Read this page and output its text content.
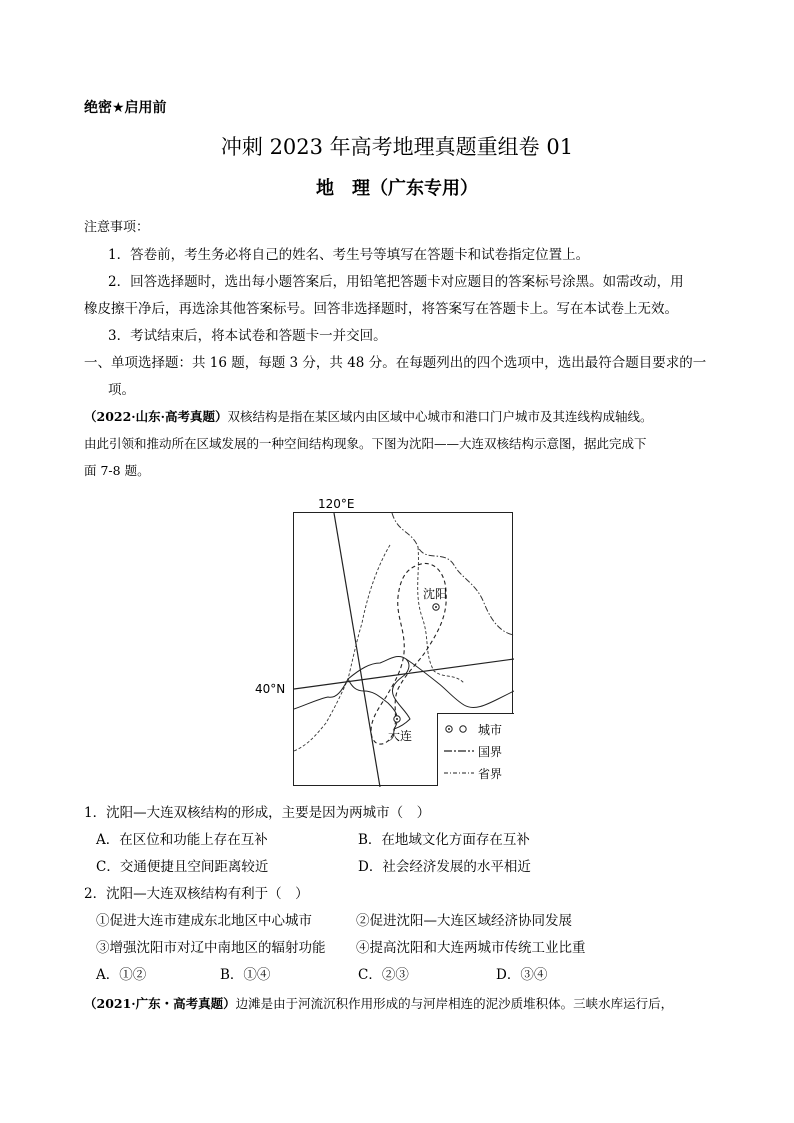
绝密★启用前
冲刺 2023 年高考地理真题重组卷 01
地　理（广东专用）
注意事项：
1．答卷前，考生务必将自己的姓名、考生号等填写在答题卡和试卷指定位置上。
2．回答选择题时，选出每小题答案后，用铅笔把答题卡对应题目的答案标号涂黑。如需改动，用
橡皮擦干净后，再选涂其他答案标号。回答非选择题时，将答案写在答题卡上。写在本试卷上无效。
3．考试结束后，将本试卷和答题卡一并交回。
一、单项选择题：共 16 题，每题 3 分，共 48 分。在每题列出的四个选项中，选出最符合题目要求的一
项。
（2022·山东·高考真题）双核结构是指在某区域内由区域中心城市和港口门户城市及其连线构成轴线。
由此引领和推动所在区域发展的一种空间结构现象。下图为沈阳——大连双核结构示意图，据此完成下
面 7-8 题。
120°E
40°N
沈阳
大连	城市
国界
省界
1．沈阳—大连双核结构的形成，主要是因为两城市（　）
A．在区位和功能上存在互补	B．在地域文化方面存在互补
C．交通便捷且空间距离较近	D．社会经济发展的水平相近
2．沈阳—大连双核结构有利于（　）
①促进大连市建成东北地区中心城市	②促进沈阳—大连区域经济协同发展
③增强沈阳市对辽中南地区的辐射功能 ④提高沈阳和大连两城市传统工业比重
A．①②	B．①④	C．②③	D．③④
（2021·广东・高考真题）边滩是由于河流沉积作用形成的与河岸相连的泥沙质堆积体。三峡水库运行后，
